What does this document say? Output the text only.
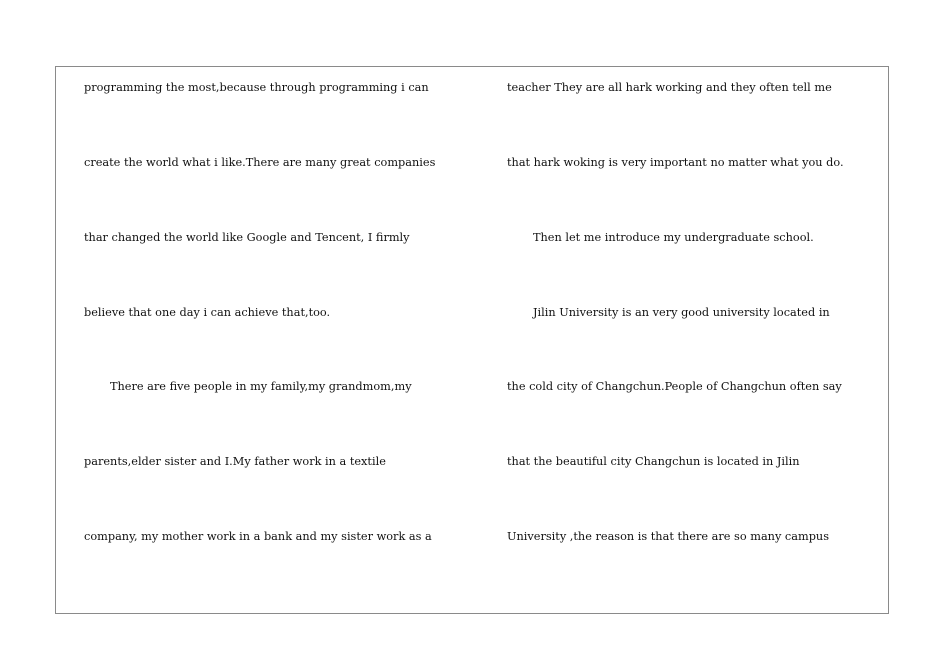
programming the most,because through programming i can
create the world what i like.There are many great companies
thar changed the world like Google and Tencent, I firmly
believe that one day i can achieve that,too.
There are five people in my family,my grandmom,my
parents,elder sister and I.My father work in a textile
company, my mother work in a bank and my sister work as a
teacher They are all hark working and they often tell me
that hark woking is very important no matter what you do.
Then let me introduce my undergraduate school.
Jilin University is an very good university located in
the cold city of Changchun.People of Changchun often say
that the beautiful city Changchun is located in Jilin
University ,the reason is that there are so many campus
